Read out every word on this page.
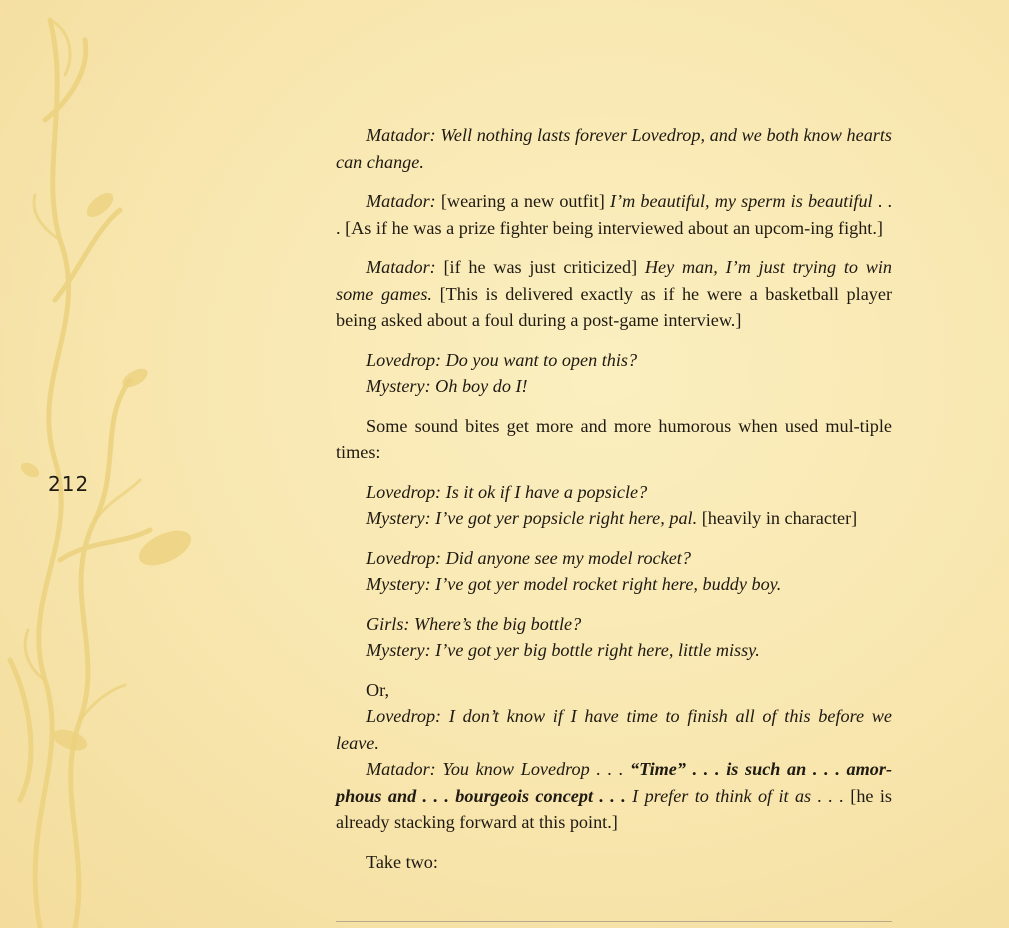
212

Matador: Well nothing lasts forever Lovedrop, and we both know hearts can change.

Matador: [wearing a new outfit] I’m beautiful, my sperm is beautiful . . . [As if he was a prize fighter being interviewed about an upcom-ing fight.]

Matador: [if he was just criticized] Hey man, I’m just trying to win some games. [This is delivered exactly as if he were a basketball player being asked about a foul during a post-game interview.]

Lovedrop: Do you want to open this?
Mystery: Oh boy do I!

Some sound bites get more and more humorous when used mul-tiple times:

Lovedrop: Is it ok if I have a popsicle?
Mystery: I’ve got yer popsicle right here, pal. [heavily in character]
Lovedrop: Did anyone see my model rocket?
Mystery: I’ve got yer model rocket right here, buddy boy.
Girls: Where’s the big bottle?
Mystery: I’ve got yer big bottle right here, little missy.
Or,
Lovedrop: I don’t know if I have time to finish all of this before we leave.
Matador: You know Lovedrop . . . “Time” . . . is such an . . . amor-phous and . . . bourgeois concept . . . I prefer to think of it as . . . [he is already stacking forward at this point.]

Take two:
